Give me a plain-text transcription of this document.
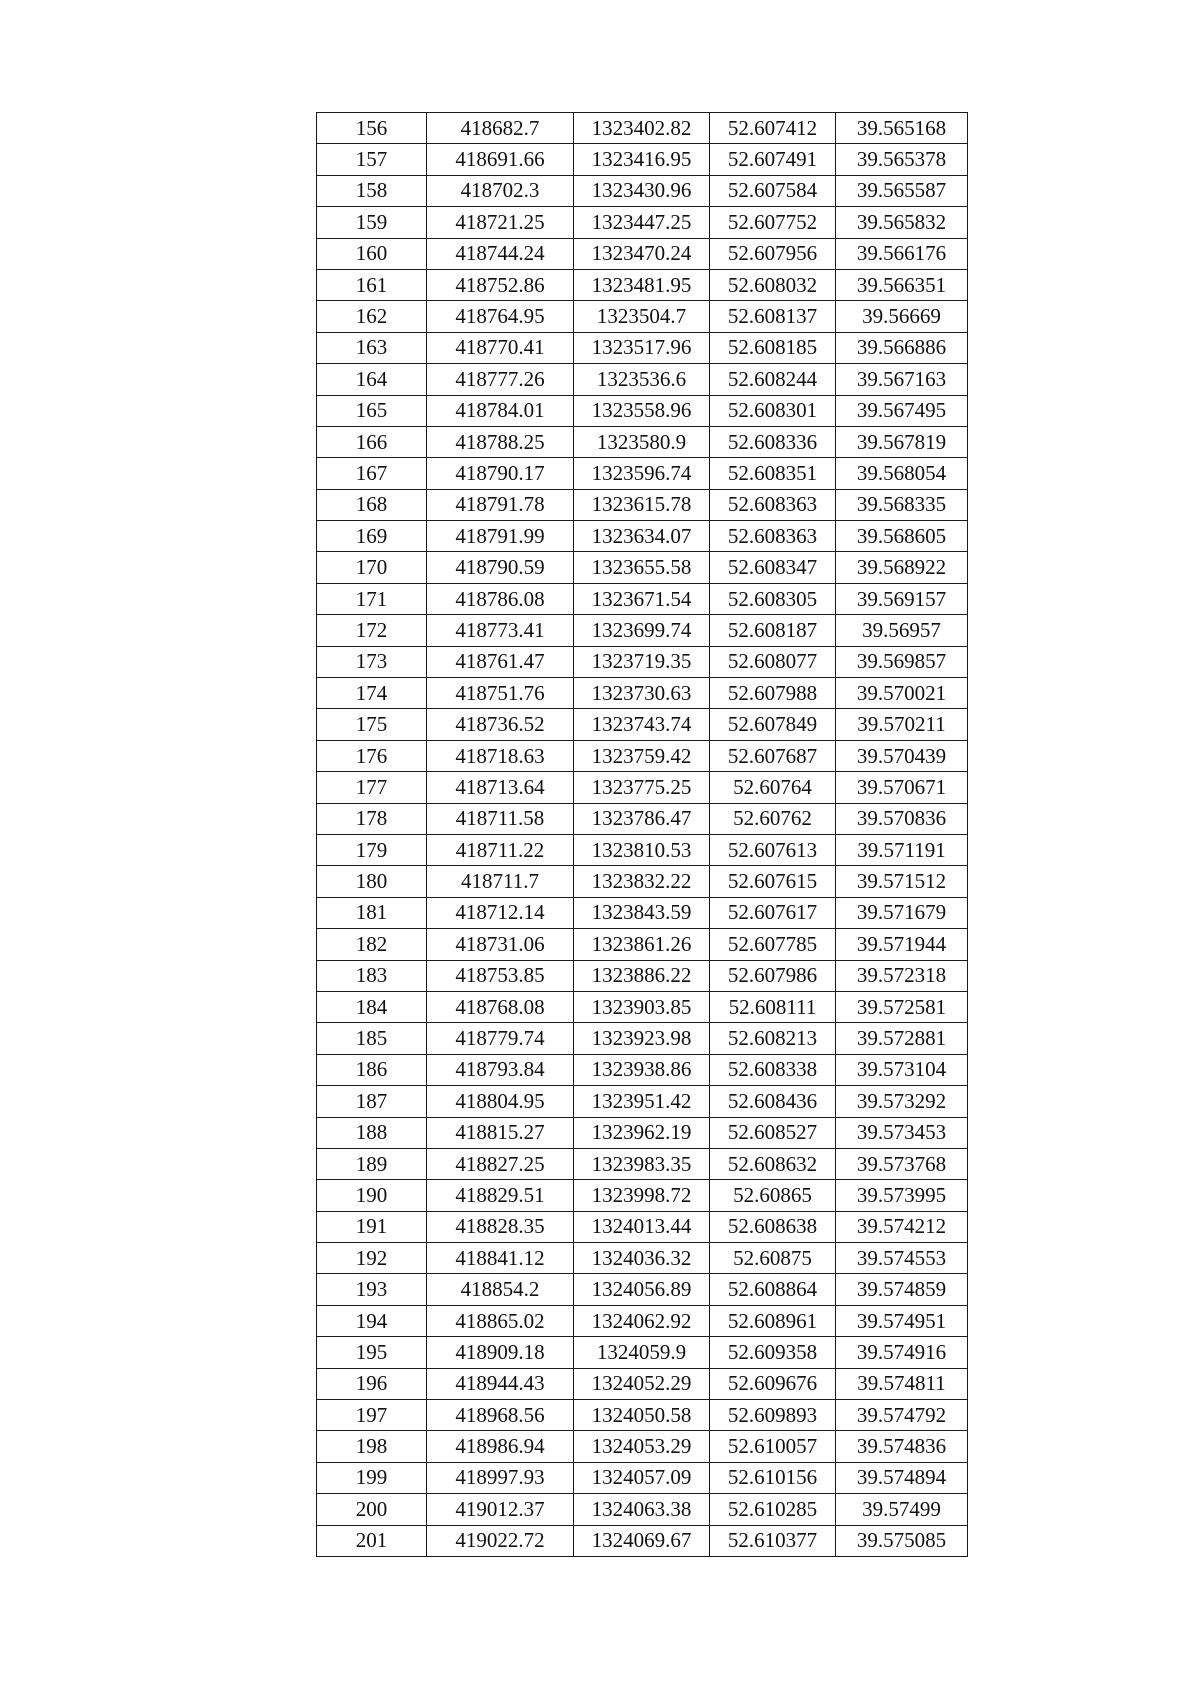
156	418682.7	1323402.82	52.607412	39.565168
157	418691.66	1323416.95	52.607491	39.565378
158	418702.3	1323430.96	52.607584	39.565587
159	418721.25	1323447.25	52.607752	39.565832
160	418744.24	1323470.24	52.607956	39.566176
161	418752.86	1323481.95	52.608032	39.566351
162	418764.95	1323504.7	52.608137	39.56669
163	418770.41	1323517.96	52.608185	39.566886
164	418777.26	1323536.6	52.608244	39.567163
165	418784.01	1323558.96	52.608301	39.567495
166	418788.25	1323580.9	52.608336	39.567819
167	418790.17	1323596.74	52.608351	39.568054
168	418791.78	1323615.78	52.608363	39.568335
169	418791.99	1323634.07	52.608363	39.568605
170	418790.59	1323655.58	52.608347	39.568922
171	418786.08	1323671.54	52.608305	39.569157
172	418773.41	1323699.74	52.608187	39.56957
173	418761.47	1323719.35	52.608077	39.569857
174	418751.76	1323730.63	52.607988	39.570021
175	418736.52	1323743.74	52.607849	39.570211
176	418718.63	1323759.42	52.607687	39.570439
177	418713.64	1323775.25	52.60764	39.570671
178	418711.58	1323786.47	52.60762	39.570836
179	418711.22	1323810.53	52.607613	39.571191
180	418711.7	1323832.22	52.607615	39.571512
181	418712.14	1323843.59	52.607617	39.571679
182	418731.06	1323861.26	52.607785	39.571944
183	418753.85	1323886.22	52.607986	39.572318
184	418768.08	1323903.85	52.608111	39.572581
185	418779.74	1323923.98	52.608213	39.572881
186	418793.84	1323938.86	52.608338	39.573104
187	418804.95	1323951.42	52.608436	39.573292
188	418815.27	1323962.19	52.608527	39.573453
189	418827.25	1323983.35	52.608632	39.573768
190	418829.51	1323998.72	52.60865	39.573995
191	418828.35	1324013.44	52.608638	39.574212
192	418841.12	1324036.32	52.60875	39.574553
193	418854.2	1324056.89	52.608864	39.574859
194	418865.02	1324062.92	52.608961	39.574951
195	418909.18	1324059.9	52.609358	39.574916
196	418944.43	1324052.29	52.609676	39.574811
197	418968.56	1324050.58	52.609893	39.574792
198	418986.94	1324053.29	52.610057	39.574836
199	418997.93	1324057.09	52.610156	39.574894
200	419012.37	1324063.38	52.610285	39.57499
201	419022.72	1324069.67	52.610377	39.575085
